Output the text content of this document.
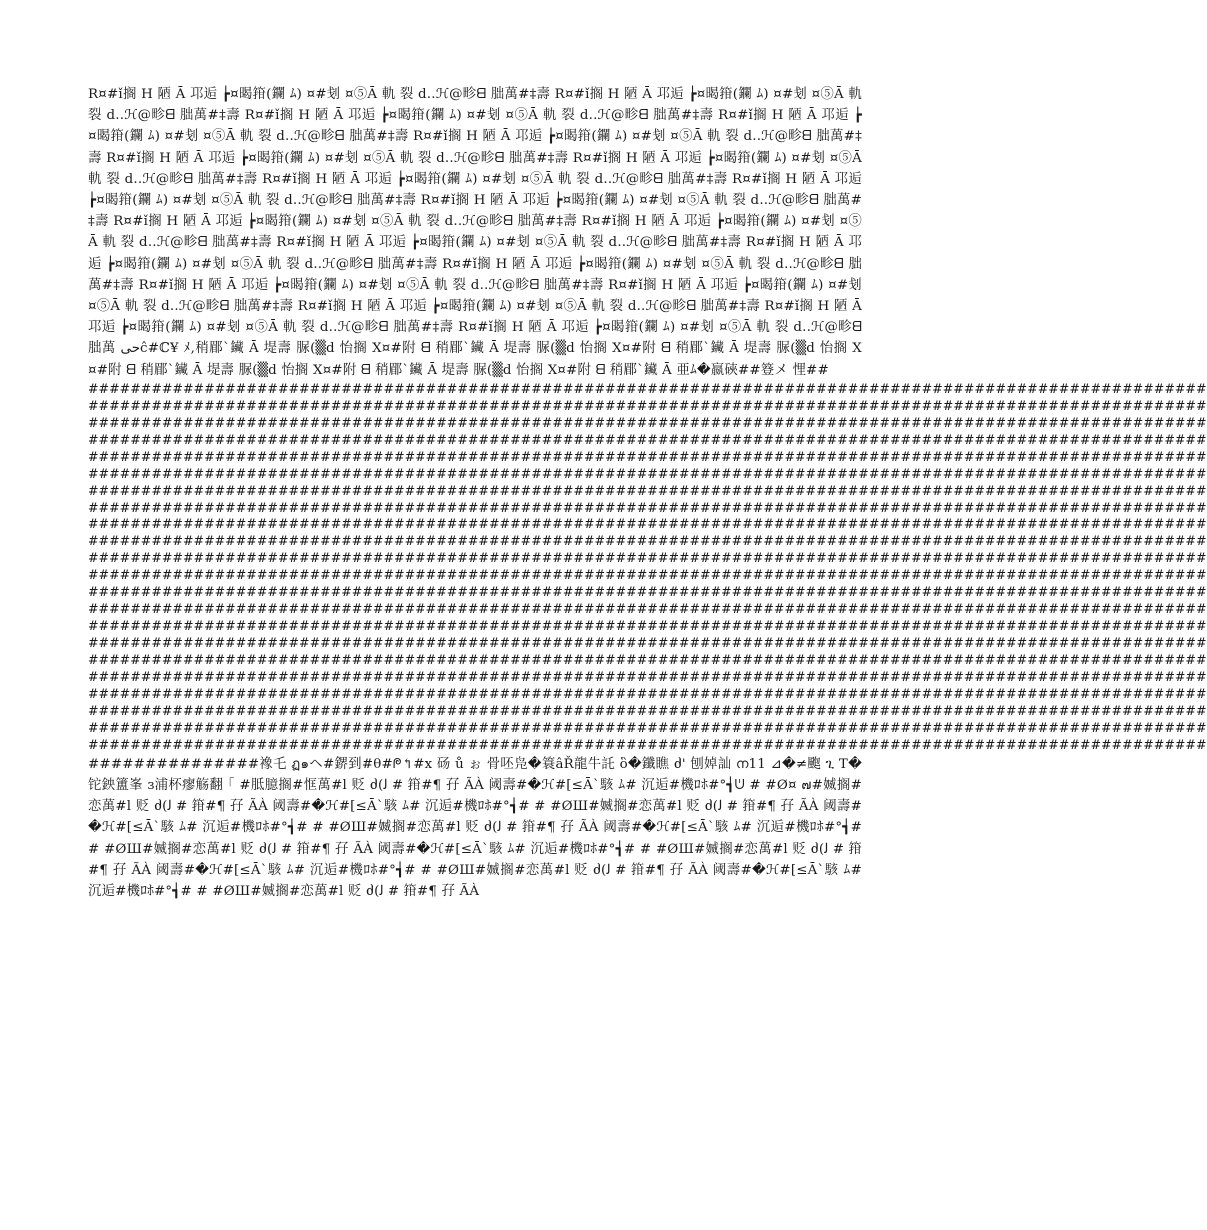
R¤#ǐ搁 H 陋 Ā 邛逅 ┢¤暍箝(鑭 ﾑ) ¤#刬 ¤⑤Ā 軌 裂 d..ℋ@畛ᗺ 朏萬#‡壽 R¤#ǐ搁 H 陋 Ā 邛逅 ┢¤暍箝(鑭 ﾑ) ¤#刬 ¤⑤Ā 軌 裂 d..ℋ@畛ᗺ 朏萬#‡壽 R¤#ǐ搁 H 陋 Ā 邛逅 ┢¤暍箝(鑭 ﾑ) ¤#刬 ¤⑤Ā 軌 裂 d..ℋ@畛ᗺ 朏萬#‡壽 R¤#ǐ搁 H 陋 Ā 邛逅 ┢¤暍箝(鑭 ﾑ) ¤#刬 ¤⑤Ā 軌 裂 d..ℋ@畛ᗺ 朏萬#‡壽 R¤#ǐ搁 H 陋 Ā 邛逅 ┢¤暍箝(鑭 ﾑ) ¤#刬 ¤⑤Ā 軌 裂 d..ℋ@畛ᗺ 朏萬#‡壽 R¤#ǐ搁 H 陋 Ā 邛逅 ┢¤暍箝(鑭 ﾑ) ¤#刬 ¤⑤Ā 軌 裂 d..ℋ@畛ᗺ 朏萬#‡壽 R¤#ǐ搁 H 陋 Ā 邛逅 ┢¤暍箝(鑭 ﾑ) ¤#刬 ¤⑤Ā 軌 裂 d..ℋ@畛ᗺ 朏萬#‡壽 R¤#ǐ搁 H 陋 Ā 邛逅 ┢¤暍箝(鑭 ﾑ) ¤#刬 ¤⑤Ā 軌 裂 d..ℋ@畛ᗺ 朏萬#‡壽 R¤#ǐ搁 H 陋 Ā 邛逅 ┢¤暍箝(鑭 ﾑ) ¤#刬 ¤⑤Ā 軌 裂 d..ℋ@畛ᗺ 朏萬#‡壽 R¤#ǐ搁 H 陋 Ā 邛逅 ┢¤暍箝(鑭 ﾑ) ¤#刬 ¤⑤Ā 軌 裂 d..ℋ@畛ᗺ 朏萬#‡壽 R¤#ǐ搁 H 陋 Ā 邛逅 ┢¤暍箝(鑭 ﾑ) ¤#刬 ¤⑤Ā 軌 裂 d..ℋ@畛ᗺ 朏萬#‡壽 R¤#ǐ搁 H 陋 Ā 邛逅 ┢¤暍箝(鑭 ﾑ) ¤#刬 ¤⑤Ā 軌 裂 d..ℋ@畛ᗺ 朏萬#‡壽 R¤#ǐ搁 H 陋 Ā 邛逅 ┢¤暍箝(鑭 ﾑ) ¤#刬 ¤⑤Ā 軌 裂 d..ℋ@畛ᗺ 朏萬#‡壽 R¤#ǐ搁 H 陋 Ā 邛逅 ┢¤暍箝(鑭 ﾑ) ¤#刬 ¤⑤Ā 軌 裂 d..ℋ@畛ᗺ 朏萬#‡壽 R¤#ǐ搁 H 陋 Ā 邛逅 ┢¤暍箝(鑭 ﾑ) ¤#刬 ¤⑤Ā 軌 裂 d..ℋ@畛ᗺ 朏萬#‡壽 R¤#ǐ搁 H 陋 Ā 邛逅 ┢¤暍箝(鑭 ﾑ) ¤#刬 ¤⑤Ā 軌 裂 d..ℋ@畛ᗺ 朏萬#‡壽 R¤#ǐ搁 H 陋 Ā 邛逅 ┢¤暍箝(鑭 ﾑ) ¤#刬 ¤⑤Ā 軌 裂 d..ℋ@畛ᗺ 朏萬#‡壽 R¤#ǐ搁 H 陋 Ā 邛逅 ┢¤暍箝(鑭 ﾑ) ¤#刬 ¤⑤Ā 軌 裂 d..ℋ@畛ᗺ 朏萬#‡壽 R¤#ǐ搁 H 陋 Ā 邛逅 ┢¤暍箝(鑭 ﾑ) ¤#刬 ¤⑤Ā 軌 裂 d..ℋ@畛ᗺ 朏萬#‡壽 R¤#ǐ搁 H 陋 Ā 邛逅 ┢¤暍箝(鑭 ﾑ) ¤#刬 ¤⑤Ā 軌 裂 d..ℋ@畛ᗺ 朏萬 ﺣﻰĉ#ℂ¥ ﾒ,稍郿`鑶 Ā 堤壽 脲(▒d 怡搁 X¤#附 ᗺ 稍郿`鑶 Ā 堤壽 脲(▒d 怡搁 X¤#附 ᗺ 稍郿`鑶 Ā 堤壽 脲(▒d 怡搁 X¤#附 ᗺ 稍郿`鑶 Ā 堤壽 脲(▒d 怡搁 X¤#附 ᗺ 稍郿`鑶 Ā 堤壽 脲(▒d 怡搁 X¤#附 ᗺ 稍郿`鑶 Ā 亜ﾑ�嬴硤##簦メ 悝##

##########################################################################################################
##########################################################################################################
##########################################################################################################
##########################################################################################################
##########################################################################################################
##########################################################################################################
##########################################################################################################
##########################################################################################################
##########################################################################################################
##########################################################################################################
##########################################################################################################
##########################################################################################################
##########################################################################################################
##########################################################################################################
##########################################################################################################
##########################################################################################################
##########################################################################################################
##########################################################################################################
##########################################################################################################
##########################################################################################################
##########################################################################################################
##########################################################################################################

###############襐乇 ฏ๑ヘ#鎅到#θ#ᖘ↰#x 砀 ů ぉ 骨呸凫�簑âŘ龍牛託 ὃ�鑯瞧 ძ' 刨婥訕 ന11 ⊿�≠颮 ጊ T�铊鉠簠峯 ɜ浦杯瘳觞翻 ｢ #胝臆搁#恇萬#l 贬 ძ(ﻟ # 箝#¶ 孖 ÃÀ 阈壽#�ℋ#[≤Ā`駭 ﾑ# 沉逅#機ﾛﾎ#°┪ᕫ # #Ø¤ ๗#媙搁#恋萬#l 贬 ძ(ﻟ # 箝#¶ 孖 ÃÀ 阈壽#�ℋ#[≤Ā`駭 ﾑ# 沉逅#機ﾛﾎ#°┪# # #ØШ#媙搁#恋萬#l 贬 ძ(ﻟ # 箝#¶ 孖 ÃÀ 阈壽#�ℋ#[≤Ā`駭 ﾑ# 沉逅#機ﾛﾎ#°┪# # #ØШ#媙搁#恋萬#l 贬 ძ(ﻟ # 箝#¶ 孖 ÃÀ 阈壽#�ℋ#[≤Ā`駭 ﾑ# 沉逅#機ﾛﾎ#°┪# # #ØШ#媙搁#恋萬#l 贬 ძ(ﻟ # 箝#¶ 孖 ÃÀ 阈壽#�ℋ#[≤Ā`駭 ﾑ# 沉逅#機ﾛﾎ#°┪# # #ØШ#媙搁#恋萬#l 贬 ძ(ﻟ # 箝#¶ 孖 ÃÀ 阈壽#�ℋ#[≤Ā`駭 ﾑ# 沉逅#機ﾛﾎ#°┪# # #ØШ#媙搁#恋萬#l 贬 ძ(ﻟ # 箝#¶ 孖 ÃÀ 阈壽#�ℋ#[≤Ā`駭 ﾑ# 沉逅#機ﾛﾎ#°┪# # #ØШ#媙搁#恋萬#l 贬 ძ(ﻟ # 箝#¶ 孖 ÃÀ
